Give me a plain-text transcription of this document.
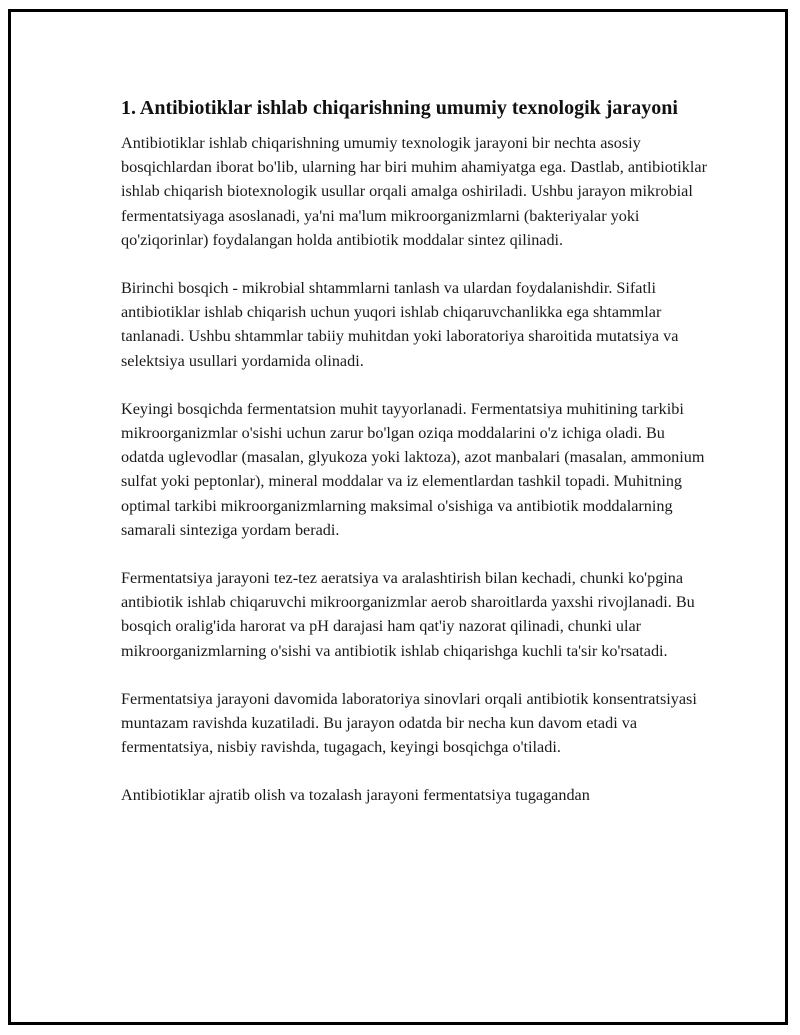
1. Antibiotiklar ishlab chiqarishning umumiy texnologik jarayoni

Antibiotiklar ishlab chiqarishning umumiy texnologik jarayoni bir nechta asosiy bosqichlardan iborat bo'lib, ularning har biri muhim ahamiyatga ega. Dastlab, antibiotiklar ishlab chiqarish biotexnologik usullar orqali amalga oshiriladi. Ushbu jarayon mikrobial fermentatsiyaga asoslanadi, ya'ni ma'lum mikroorganizmlarni (bakteriyalar yoki qo'ziqorinlar) foydalangan holda antibiotik moddalar sintez qilinadi.

Birinchi bosqich - mikrobial shtammlarni tanlash va ulardan foydalanishdir. Sifatli antibiotiklar ishlab chiqarish uchun yuqori ishlab chiqaruvchanlikka ega shtammlar tanlanadi. Ushbu shtammlar tabiiy muhitdan yoki laboratoriya sharoitida mutatsiya va selektsiya usullari yordamida olinadi.

Keyingi bosqichda fermentatsion muhit tayyorlanadi. Fermentatsiya muhitining tarkibi mikroorganizmlar o'sishi uchun zarur bo'lgan oziqa moddalarini o'z ichiga oladi. Bu odatda uglevodlar (masalan, glyukoza yoki laktoza), azot manbalari (masalan, ammonium sulfat yoki peptonlar), mineral moddalar va iz elementlardan tashkil topadi. Muhitning optimal tarkibi mikroorganizmlarning maksimal o'sishiga va antibiotik moddalarning samarali sinteziga yordam beradi.

Fermentatsiya jarayoni tez-tez aeratsiya va aralashtirish bilan kechadi, chunki ko'pgina antibiotik ishlab chiqaruvchi mikroorganizmlar aerob sharoitlarda yaxshi rivojlanadi. Bu bosqich oralig'ida harorat va pH darajasi ham qat'iy nazorat qilinadi, chunki ular mikroorganizmlarning o'sishi va antibiotik ishlab chiqarishga kuchli ta'sir ko'rsatadi.

Fermentatsiya jarayoni davomida laboratoriya sinovlari orqali antibiotik konsentratsiyasi muntazam ravishda kuzatiladi. Bu jarayon odatda bir necha kun davom etadi va fermentatsiya, nisbiy ravishda, tugagach, keyingi bosqichga o'tiladi.

Antibiotiklar ajratib olish va tozalash jarayoni fermentatsiya tugagandan
